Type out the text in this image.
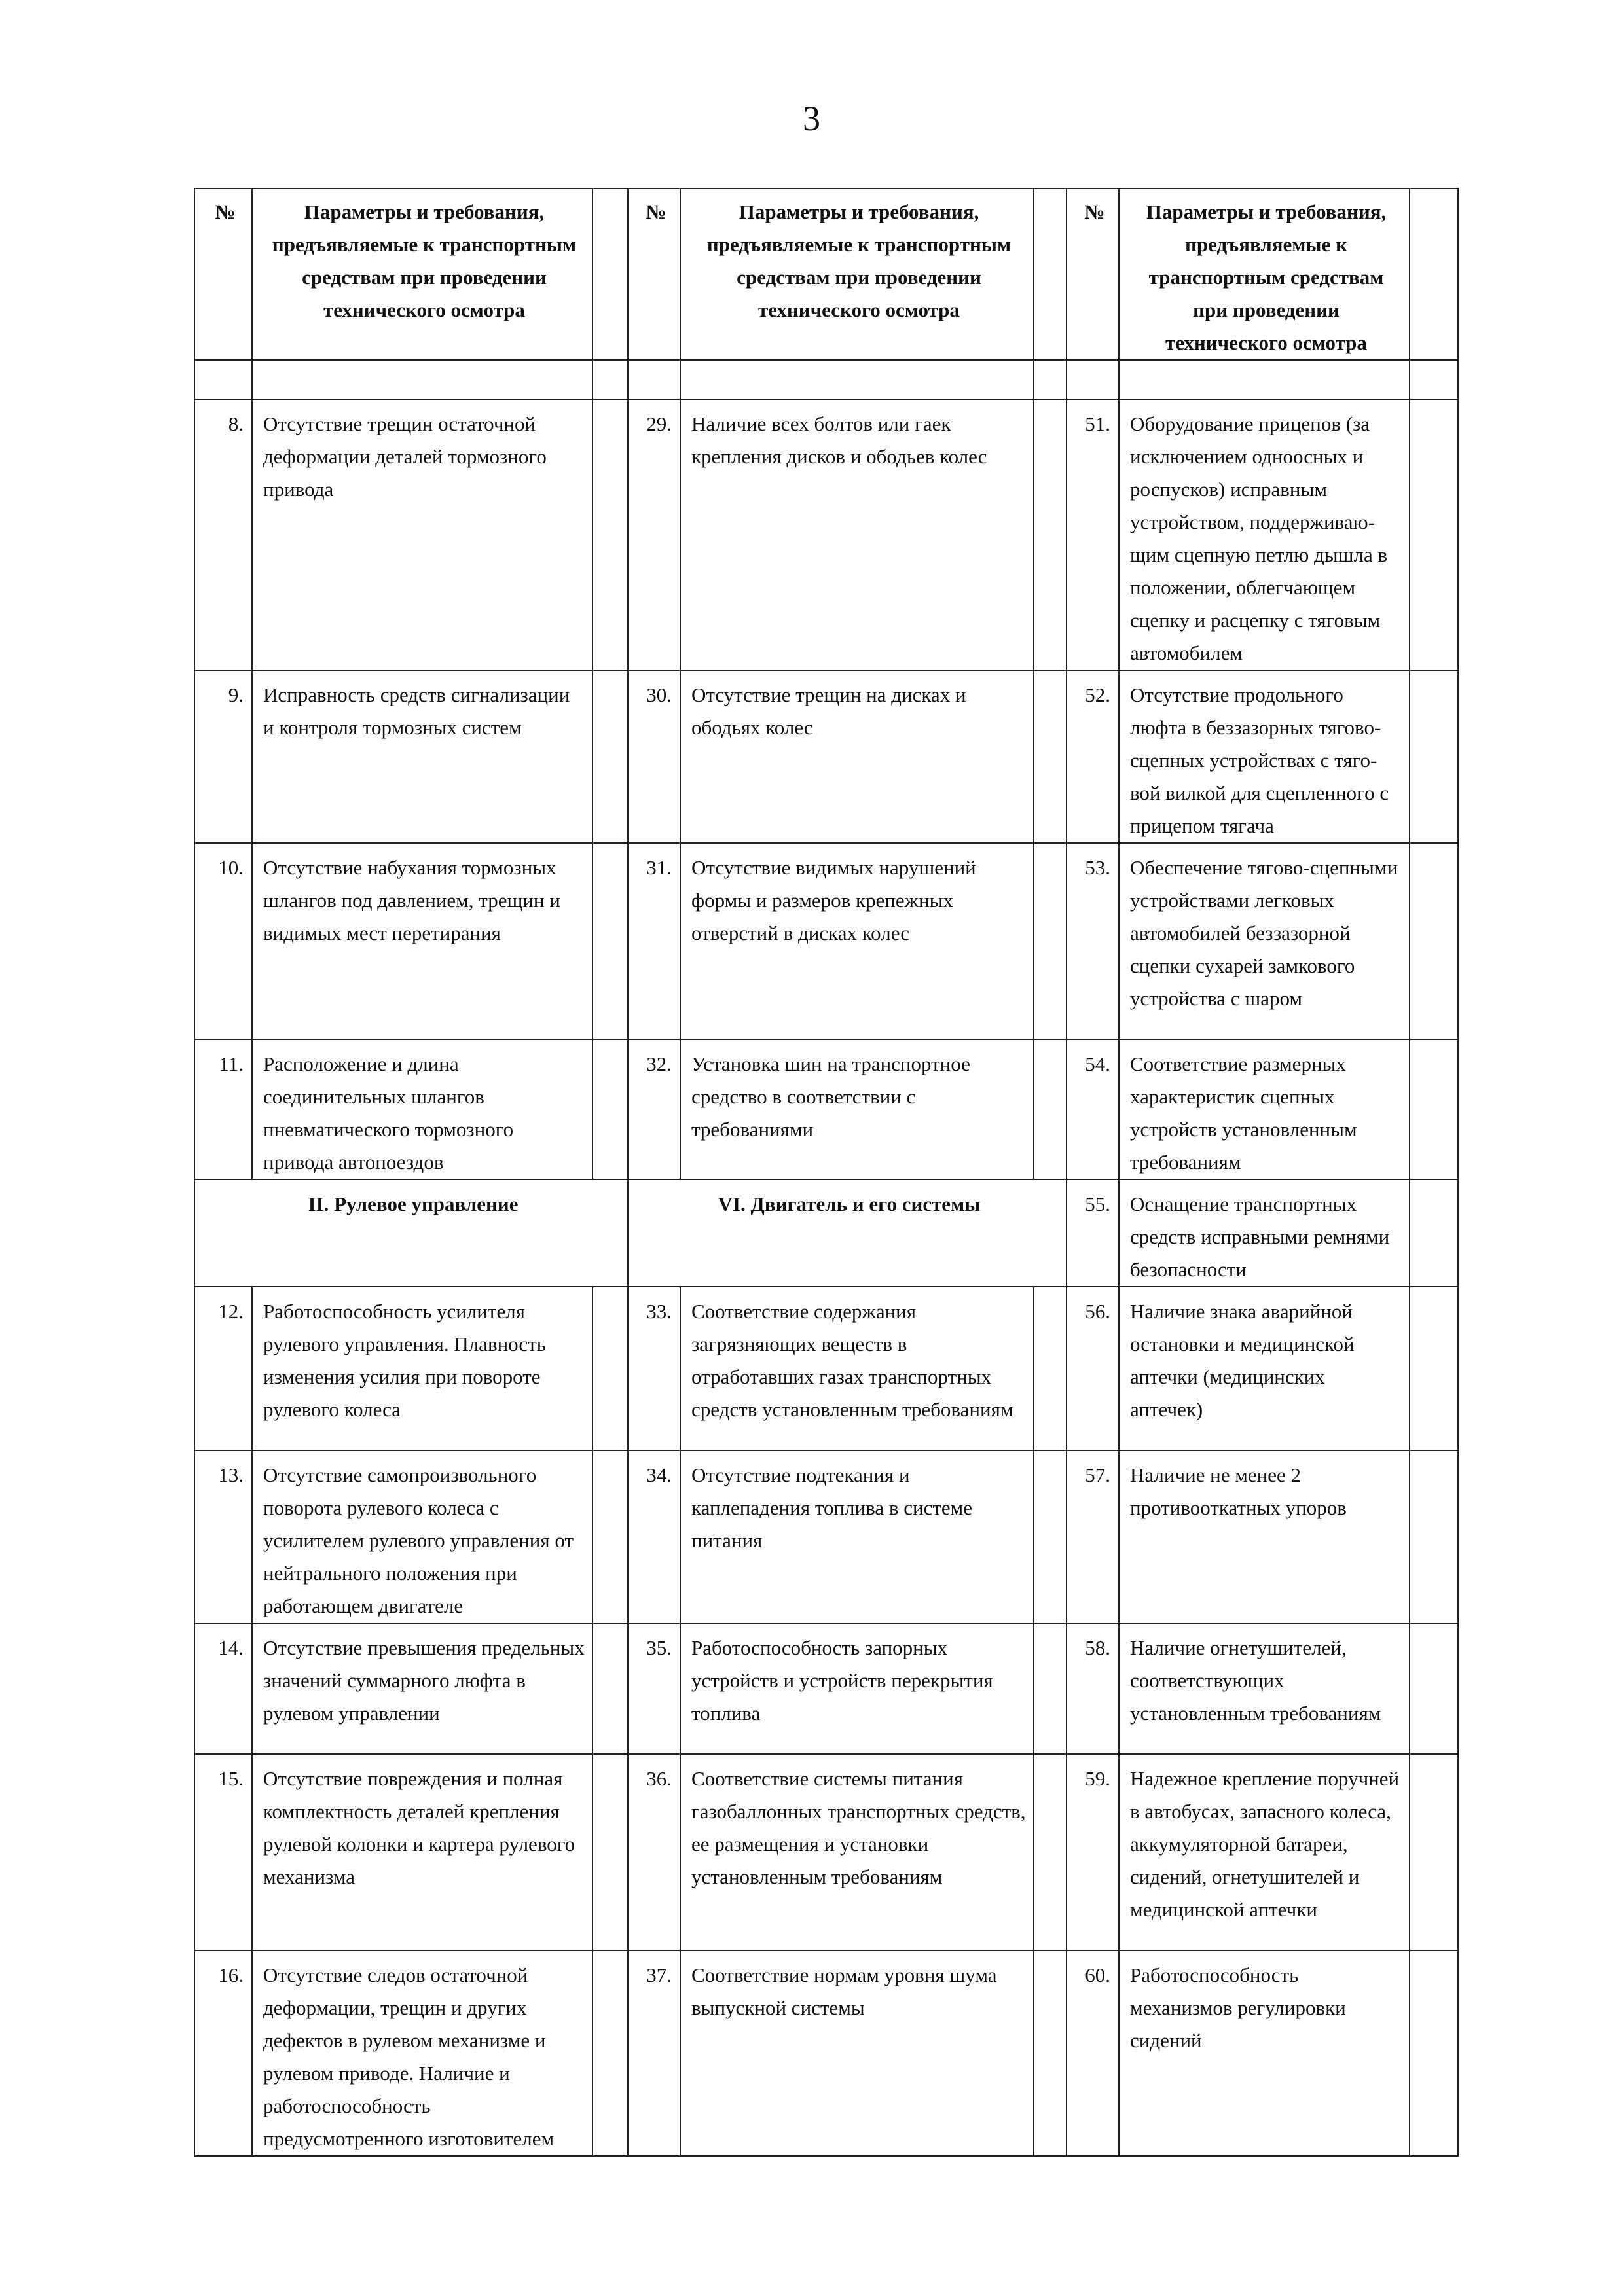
3
№	Параметры и требования, предъявляемые к транспортным средствам при проведении технического осмотра		№	Параметры и требования, предъявляемые к транспортным средствам при проведении технического осмотра		№	Параметры и требования, предъявляемые к транспортным средствам при проведении технического осмотра	

8.	Отсутствие трещин остаточной деформации деталей тормозного привода		29.	Наличие всех болтов или гаек крепления дисков и ободьев колес		51.	Оборудование прицепов (за исключением одноосных и роспусков) исправным устройством, поддерживаю-щим сцепную петлю дышла в положении, облегчающем сцепку и расцепку с тяговым автомобилем	
9.	Исправность средств сигнализации и контроля тормозных систем		30.	Отсутствие трещин на дисках и ободьях колес		52.	Отсутствие продольного люфта в беззазорных тягово-сцепных устройствах с тяго-вой вилкой для сцепленного с прицепом тягача	
10.	Отсутствие набухания тормозных шлангов под давлением, трещин и видимых мест перетирания		31.	Отсутствие видимых нарушений формы и размеров крепежных отверстий в дисках колес		53.	Обеспечение тягово-сцепными устройствами легковых автомобилей беззазорной сцепки сухарей замкового устройства с шаром	
11.	Расположение и длина соединительных шлангов пневматического тормозного привода автопоездов		32.	Установка шин на транспортное средство в соответствии с требованиями		54.	Соответствие размерных характеристик сцепных устройств установленным требованиям	
II. Рулевое управление			VI. Двигатель и его системы			55.	Оснащение транспортных средств исправными ремнями безопасности	
12.	Работоспособность усилителя рулевого управления. Плавность изменения усилия при повороте рулевого колеса		33.	Соответствие содержания загрязняющих веществ в отработавших газах транспортных средств установленным требованиям		56.	Наличие знака аварийной остановки и медицинской аптечки (медицинских аптечек)	
13.	Отсутствие самопроизвольного поворота рулевого колеса с усилителем рулевого управления от нейтрального положения при работающем двигателе		34.	Отсутствие подтекания и каплепадения топлива в системе питания		57.	Наличие не менее 2 противооткатных упоров	
14.	Отсутствие превышения предельных значений суммарного люфта в рулевом управлении		35.	Работоспособность запорных устройств и устройств перекрытия топлива		58.	Наличие огнетушителей, соответствующих установленным требованиям	
15.	Отсутствие повреждения и полная комплектность деталей крепления рулевой колонки и картера рулевого механизма		36.	Соответствие системы питания газобаллонных транспортных средств, ее размещения и установки установленным требованиям		59.	Надежное крепление поручней в автобусах, запасного колеса, аккумуляторной батареи, сидений, огнетушителей и медицинской аптечки	
16.	Отсутствие следов остаточной деформации, трещин и других дефектов в рулевом механизме и рулевом приводе. Наличие и работоспособность предусмотренного изготовителем		37.	Соответствие нормам уровня шума выпускной системы		60.	Работоспособность механизмов регулировки сидений	
